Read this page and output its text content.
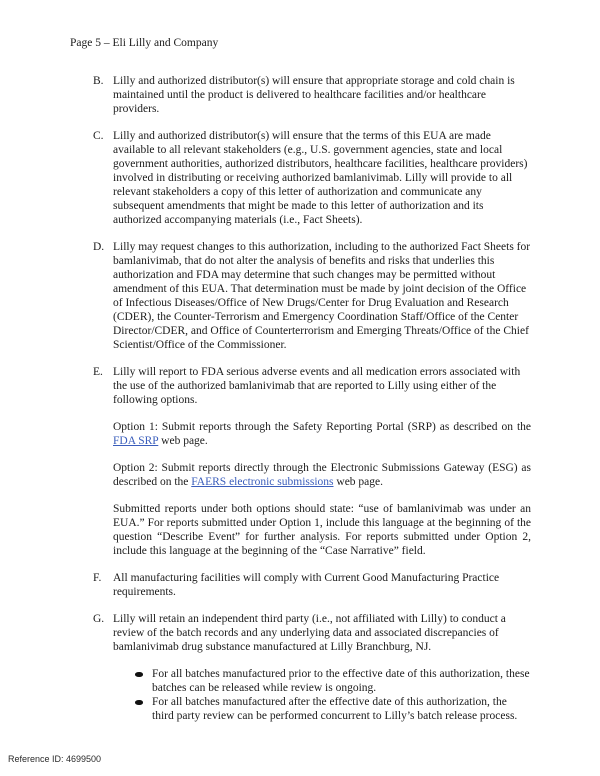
Page 5 – Eli Lilly and Company
B. Lilly and authorized distributor(s) will ensure that appropriate storage and cold chain is maintained until the product is delivered to healthcare facilities and/or healthcare providers.
C. Lilly and authorized distributor(s) will ensure that the terms of this EUA are made available to all relevant stakeholders (e.g., U.S. government agencies, state and local government authorities, authorized distributors, healthcare facilities, healthcare providers) involved in distributing or receiving authorized bamlanivimab. Lilly will provide to all relevant stakeholders a copy of this letter of authorization and communicate any subsequent amendments that might be made to this letter of authorization and its authorized accompanying materials (i.e., Fact Sheets).
D. Lilly may request changes to this authorization, including to the authorized Fact Sheets for bamlanivimab, that do not alter the analysis of benefits and risks that underlies this authorization and FDA may determine that such changes may be permitted without amendment of this EUA. That determination must be made by joint decision of the Office of Infectious Diseases/Office of New Drugs/Center for Drug Evaluation and Research (CDER), the Counter-Terrorism and Emergency Coordination Staff/Office of the Center Director/CDER, and Office of Counterterrorism and Emerging Threats/Office of the Chief Scientist/Office of the Commissioner.
E. Lilly will report to FDA serious adverse events and all medication errors associated with the use of the authorized bamlanivimab that are reported to Lilly using either of the following options.
Option 1: Submit reports through the Safety Reporting Portal (SRP) as described on the FDA SRP web page.
Option 2: Submit reports directly through the Electronic Submissions Gateway (ESG) as described on the FAERS electronic submissions web page.
Submitted reports under both options should state: “use of bamlanivimab was under an EUA.” For reports submitted under Option 1, include this language at the beginning of the question “Describe Event” for further analysis. For reports submitted under Option 2, include this language at the beginning of the “Case Narrative” field.
F.	All manufacturing facilities will comply with Current Good Manufacturing Practice requirements.
G. Lilly will retain an independent third party (i.e., not affiliated with Lilly) to conduct a review of the batch records and any underlying data and associated discrepancies of bamlanivimab drug substance manufactured at Lilly Branchburg, NJ.
For all batches manufactured prior to the effective date of this authorization, these batches can be released while review is ongoing.
For all batches manufactured after the effective date of this authorization, the third party review can be performed concurrent to Lilly’s batch release process.
Reference ID: 4699500
